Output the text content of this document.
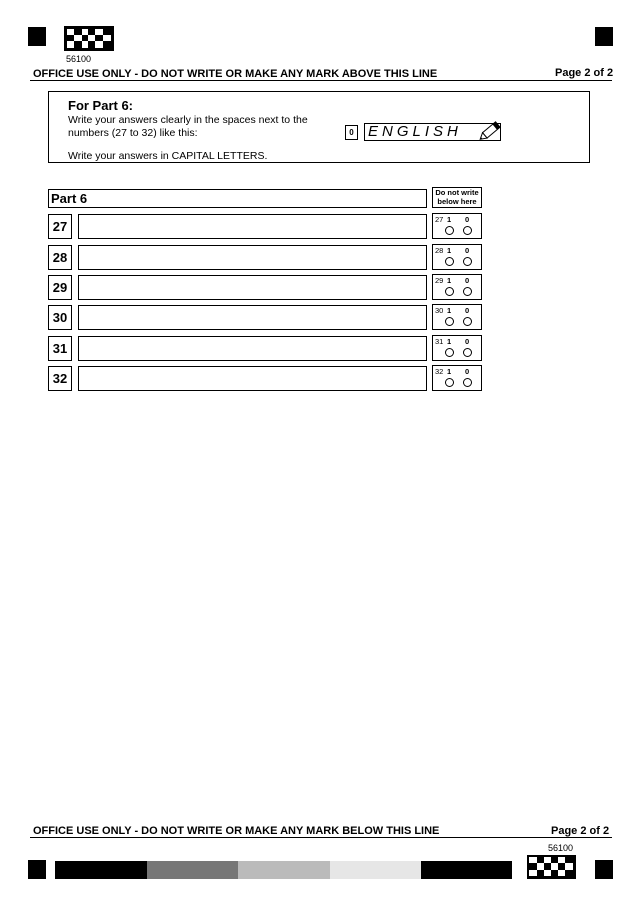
56100
OFFICE USE ONLY - DO NOT WRITE OR MAKE ANY MARK ABOVE THIS LINE	Page 2 of 2
For Part 6:
Write your answers clearly in the spaces next to the
numbers (27 to 32) like this:
Write your answers in CAPITAL LETTERS.
0 ENGLISH
Part 6	Do not write below here
27	27 1 0
28	28 1 0
29	29 1 0
30	30 1 0
31	31 1 0
32	32 1 0
OFFICE USE ONLY - DO NOT WRITE OR MAKE ANY MARK BELOW THIS LINE	Page 2 of 2
56100
